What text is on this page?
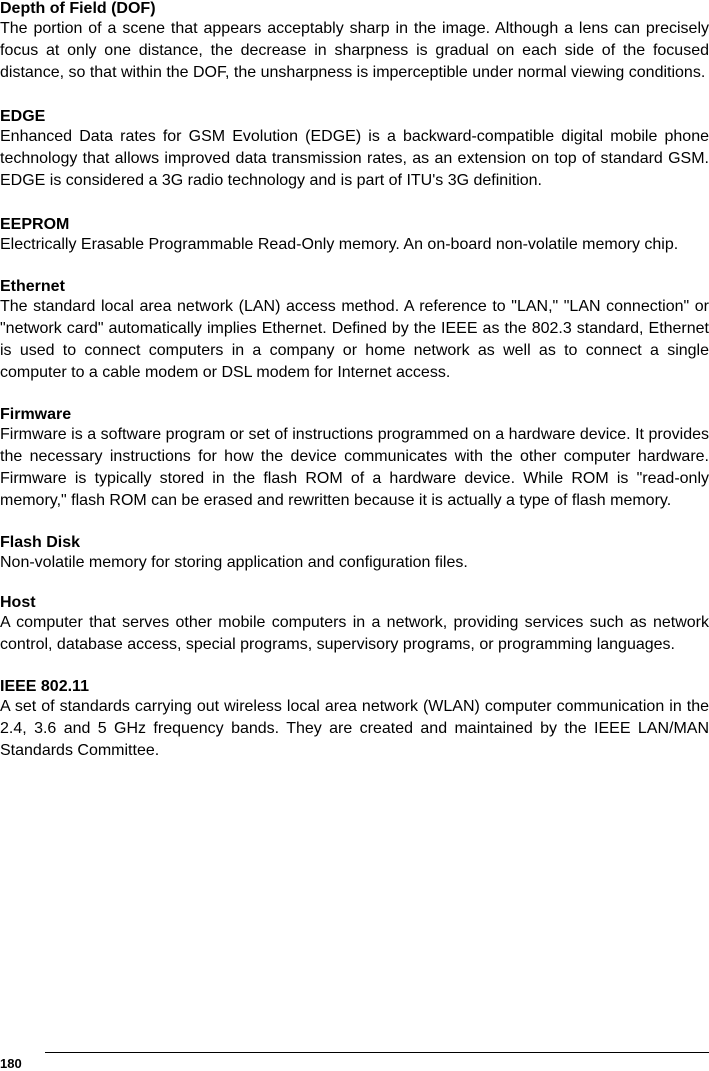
Depth of Field (DOF)

The portion of a scene that appears acceptably sharp in the image. Although a lens can precisely focus at only one distance, the decrease in sharpness is gradual on each side of the focused distance, so that within the DOF, the unsharpness is imperceptible under normal viewing conditions.

EDGE

Enhanced Data rates for GSM Evolution (EDGE) is a backward-compatible digital mobile phone technology that allows improved data transmission rates, as an extension on top of standard GSM. EDGE is considered a 3G radio technology and is part of ITU's 3G definition.

EEPROM

Electrically Erasable Programmable Read-Only memory. An on-board non-volatile memory chip.

Ethernet

The standard local area network (LAN) access method. A reference to "LAN," "LAN connection" or "network card" automatically implies Ethernet. Defined by the IEEE as the 802.3 standard, Ethernet is used to connect computers in a company or home network as well as to connect a single computer to a cable modem or DSL modem for Internet access.

Firmware

Firmware is a software program or set of instructions programmed on a hardware device. It provides the necessary instructions for how the device communicates with the other computer hardware. Firmware is typically stored in the flash ROM of a hardware device. While ROM is "read-only memory," flash ROM can be erased and rewritten because it is actually a type of flash memory.

Flash Disk

Non-volatile memory for storing application and configuration files.

Host

A computer that serves other mobile computers in a network, providing services such as network control, database access, special programs, supervisory programs, or programming languages.

IEEE 802.11

A set of standards carrying out wireless local area network (WLAN) computer communication in the 2.4, 3.6 and 5 GHz frequency bands. They are created and maintained by the IEEE LAN/MAN Standards Committee.

180
